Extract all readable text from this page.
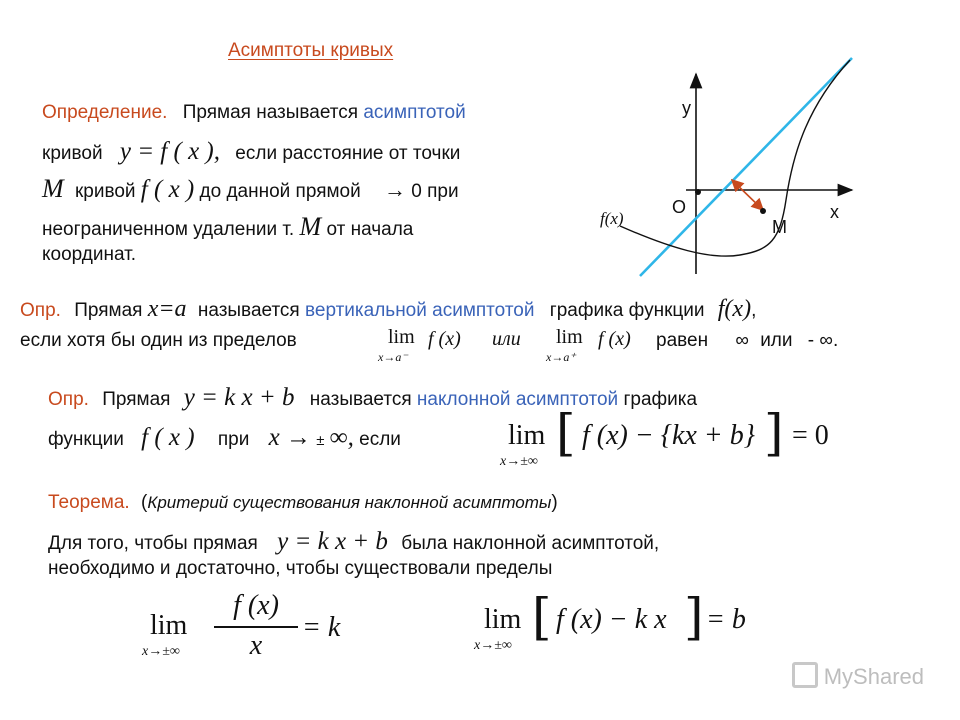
Асимптоты кривых
Определение. Прямая называется асимптотой
кривой y = f ( x ), если расстояние от точки
M кривой f ( x ) до данной прямой → 0 при
неограниченном удалении т. M от начала
координат.
y
x
O
M
f(x)
Опр. Прямая x=a называется вертикальной асимптотой графика функции f(x),
если хотя бы один из пределов	lim
x→a⁻
f (x) или lim
x→a⁺
f (x) равен ∞ или - ∞.
Опр. Прямая y = k x + b называется наклонной асимптотой графика
функции f ( x ) при x → ± ∞, если	lim
x→±∞ [ f (x) − {kx + b} ] = 0
Теорема. (Критерий существования наклонной асимптоты)
Для того, чтобы прямая y = k x + b была наклонной асимптотой,
необходимо и достаточно, чтобы существовали пределы
lim
x→±∞
f (x)
x
= k	lim
x→±∞ [ f (x) − k x ] = b
MyShared
